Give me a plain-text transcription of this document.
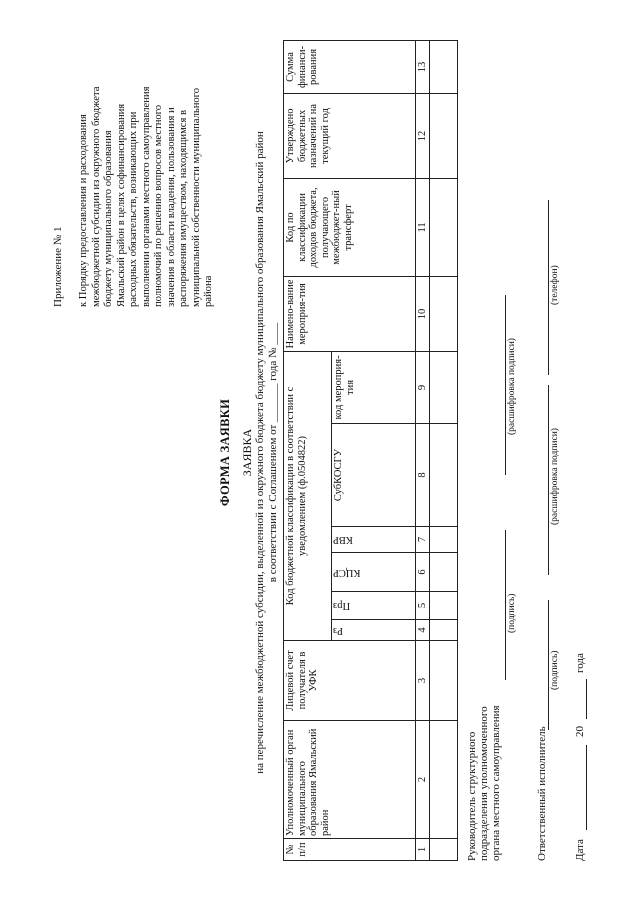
Приложение № 1 к Порядку предоставления и расходования межбюджетной субсидии из окружного бюджета бюджету муниципального образования Ямальский район в целях софинансирования расходных обязательств, возникающих при выполнении органами местного самоуправления полномочий по решению вопросов местного значения в области владения, пользования и распоряжения имуществом, находящимся в муниципальной собственности муниципального района
ФОРМА ЗАЯВКИ ЗАЯВКА на перечисление межбюджетной субсидии, выделенной из окружного бюджета бюджету муниципального образования Ямальский район в соответствии с Соглашением от _______ года № ____
№ п/п	Уполномоченный орган муниципального образования Ямальский район	Лицевой счет получателя в УФК	Код бюджетной классификации в соответствии с уведомлением (ф.0504822)						Наимено-вание мероприя-тия	Код по классификации доходов бюджета, получающего межбюджет-ный трансферт	Утверждено бюджетных назначений на текущий год	Сумма финанси-рования
			Рз	Прз	КЦСР	КВР	СубКОСГУ	код мероприя-тия				
1	2	3	4	5	6	7	8	9	10	11	12	13

Руководитель структурного подразделения уполномоченного органа местного самоуправления
(подпись)
(расшифровка подписи)
Ответственный исполнитель
(подпись)
(расшифровка подписи)
(телефон)
Дата
20
года
